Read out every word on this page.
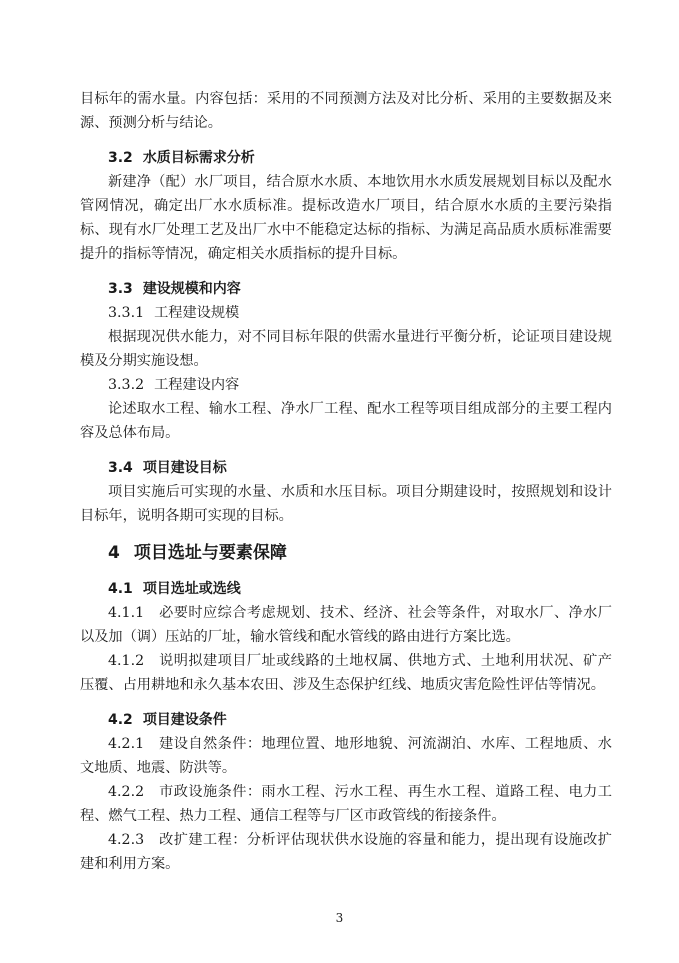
目标年的需水量。内容包括：采用的不同预测方法及对比分析、采用的主要数据及来源、预测分析与结论。

3.2 水质目标需求分析

新建净（配）水厂项目，结合原水水质、本地饮用水水质发展规划目标以及配水管网情况，确定出厂水水质标准。提标改造水厂项目，结合原水水质的主要污染指标、现有水厂处理工艺及出厂水中不能稳定达标的指标、为满足高品质水质标准需要提升的指标等情况，确定相关水质指标的提升目标。

3.3 建设规模和内容
3.3.1 工程建设规模

根据现况供水能力，对不同目标年限的供需水量进行平衡分析，论证项目建设规模及分期实施设想。

3.3.2 工程建设内容

论述取水工程、输水工程、净水厂工程、配水工程等项目组成部分的主要工程内容及总体布局。

3.4 项目建设目标

项目实施后可实现的水量、水质和水压目标。项目分期建设时，按照规划和设计目标年，说明各期可实现的目标。

4 项目选址与要素保障
4.1 项目选址或选线

4.1.1　必要时应综合考虑规划、技术、经济、社会等条件，对取水厂、净水厂以及加（调）压站的厂址，输水管线和配水管线的路由进行方案比选。

4.1.2　说明拟建项目厂址或线路的土地权属、供地方式、土地利用状况、矿产压覆、占用耕地和永久基本农田、涉及生态保护红线、地质灾害危险性评估等情况。

4.2 项目建设条件

4.2.1　建设自然条件：地理位置、地形地貌、河流湖泊、水库、工程地质、水文地质、地震、防洪等。

4.2.2　市政设施条件：雨水工程、污水工程、再生水工程、道路工程、电力工程、燃气工程、热力工程、通信工程等与厂区市政管线的衔接条件。

4.2.3　改扩建工程：分析评估现状供水设施的容量和能力，提出现有设施改扩建和利用方案。

3
